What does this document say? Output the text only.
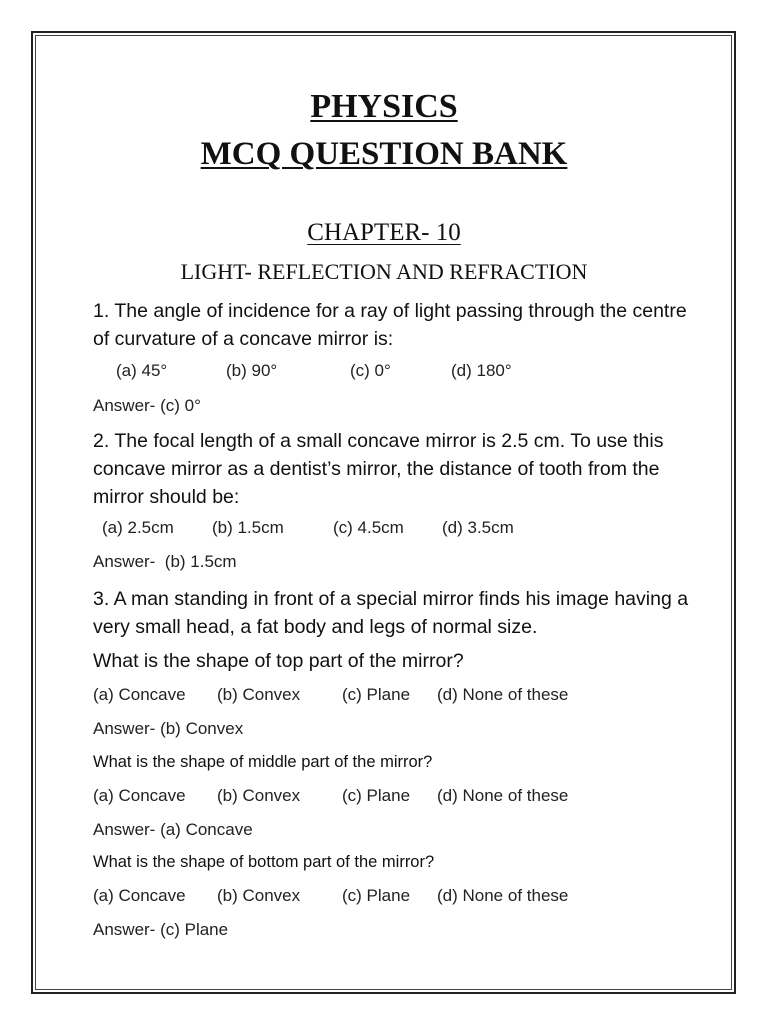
PHYSICS
MCQ QUESTION BANK
CHAPTER- 10
LIGHT- REFLECTION AND REFRACTION
1. The angle of incidence for a ray of light passing through the centre of curvature of a concave mirror is:
(a) 45°	(b) 90°	(c) 0°	(d) 180°
Answer- (c) 0°
2. The focal length of a small concave mirror is 2.5 cm. To use this concave mirror as a dentist’s mirror, the distance of tooth from the mirror should be:
(a) 2.5cm (b) 1.5cm	(c) 4.5cm (d) 3.5cm
Answer-  (b) 1.5cm
3. A man standing in front of a special mirror finds his image having a very small head, a fat body and legs of normal size.
What is the shape of top part of the mirror?
(a) Concave (b) Convex (c) Plane (d) None of these
Answer- (b) Convex
What is the shape of middle part of the mirror?
(a) Concave (b) Convex (c) Plane (d) None of these
Answer- (a) Concave
What is the shape of bottom part of the mirror?
(a) Concave (b) Convex (c) Plane (d) None of these
Answer- (c) Plane
